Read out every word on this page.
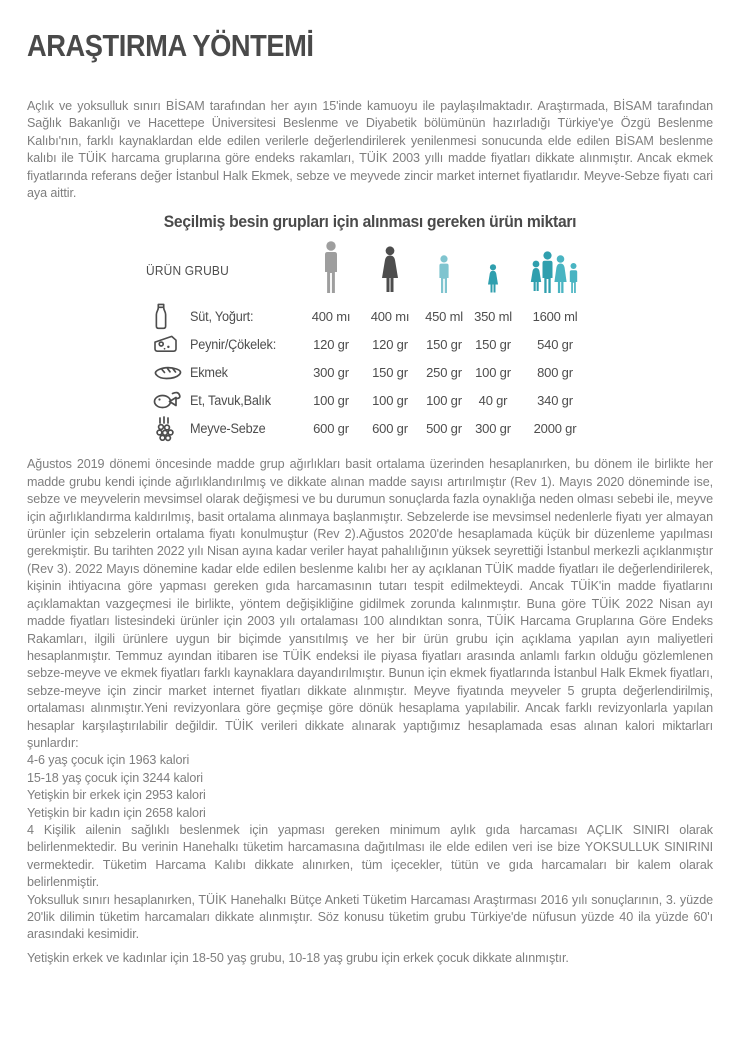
ARAŞTIRMA YÖNTEMİ

Açlık ve yoksulluk sınırı BİSAM tarafından her ayın 15'inde kamuoyu ile paylaşılmaktadır. Araştırmada, BİSAM tarafından Sağlık Bakanlığı ve Hacettepe Üniversitesi Beslenme ve Diyabetik bölümünün hazırladığı Türkiye'ye Özgü Beslenme Kalıbı'nın, farklı kaynaklardan elde edilen verilerle değerlendirilerek yenilenmesi sonucunda elde edilen BİSAM beslenme kalıbı ile TÜİK harcama gruplarına göre endeks rakamları, TÜİK 2003 yıllı madde fiyatları dikkate alınmıştır. Ancak ekmek fiyatlarında referans değer İstanbul Halk Ekmek, sebze ve meyvede zincir market internet fiyatlarıdır. Meyve-Sebze fiyatı cari aya aittir.

Seçilmiş besin grupları için alınması gereken ürün miktarı
ÜRÜN GRUBU
Süt, Yoğurt:	400 mı	400 mı	450 ml 350 ml	1600 ml
Peynir/Çökelek:	120 gr	120 gr	150 gr	150 gr	540 gr
Ekmek	300 gr	150 gr	250 gr	100 gr	800 gr
Et, Tavuk,Balık	100 gr	100 gr	100 gr	40 gr	340 gr
Meyve-Sebze	600 gr	600 gr	500 gr	300 gr	2000 gr

Ağustos 2019 dönemi öncesinde madde grup ağırlıkları basit ortalama üzerinden hesaplanırken, bu dönem ile birlikte her madde grubu kendi içinde ağırlıklandırılmış ve dikkate alınan madde sayısı artırılmıştır (Rev 1). Mayıs 2020 döneminde ise, sebze ve meyvelerin mevsimsel olarak değişmesi ve bu durumun sonuçlarda fazla oynaklığa neden olması sebebi ile, meyve için ağırlıklandırma kaldırılmış, basit ortalama alınmaya başlanmıştır. Sebzelerde ise mevsimsel nedenlerle fiyatı yer almayan ürünler için sebzelerin ortalama fiyatı konulmuştur (Rev 2).Ağustos 2020'de hesaplamada küçük bir düzenleme yapılması gerekmiştir. Bu tarihten 2022 yılı Nisan ayına kadar veriler hayat pahalılığının yüksek seyrettiği İstanbul merkezli açıklanmıştır (Rev 3). 2022 Mayıs dönemine kadar elde edilen beslenme kalıbı her ay açıklanan TÜİK madde fiyatları ile değerlendirilerek, kişinin ihtiyacına göre yapması gereken gıda harcamasının tutarı tespit edilmekteydi. Ancak TÜİK'in madde fiyatlarını açıklamaktan vazgeçmesi ile birlikte, yöntem değişikliğine gidilmek zorunda kalınmıştır. Buna göre TÜİK 2022 Nisan ayı madde fiyatları listesindeki ürünler için 2003 yılı ortalaması 100 alındıktan sonra, TÜİK Harcama Gruplarına Göre Endeks Rakamları, ilgili ürünlere uygun bir biçimde yansıtılmış ve her bir ürün grubu için açıklama yapılan ayın maliyetleri hesaplanmıştır. Temmuz ayından itibaren ise TÜİK endeksi ile piyasa fiyatları arasında anlamlı farkın olduğu gözlemlenen sebze-meyve ve ekmek fiyatları farklı kaynaklara dayandırılmıştır. Bunun için ekmek fiyatlarında İstanbul Halk Ekmek fiyatları, sebze-meyve için zincir market internet fiyatları dikkate alınmıştır. Meyve fiyatında meyveler 5 grupta değerlendirilmiş, ortalaması alınmıştır.Yeni revizyonlara göre geçmişe göre dönük hesaplama yapılabilir. Ancak farklı revizyonlarla yapılan hesaplar karşılaştırılabilir değildir. TÜİK verileri dikkate alınarak yaptığımız hesaplamada esas alınan kalori miktarları şunlardır:

4-6 yaş çocuk için 1963 kalori
15-18 yaş çocuk için 3244 kalori
Yetişkin bir erkek için 2953 kalori
Yetişkin bir kadın için 2658 kalori

4 Kişilik ailenin sağlıklı beslenmek için yapması gereken minimum aylık gıda harcaması AÇLIK SINIRI olarak belirlenmektedir. Bu verinin Hanehalkı tüketim harcamasına dağıtılması ile elde edilen veri ise bize YOKSULLUK SINIRINI vermektedir. Tüketim Harcama Kalıbı dikkate alınırken, tüm içecekler, tütün ve gıda harcamaları bir kalem olarak belirlenmiştir.

Yoksulluk sınırı hesaplanırken, TÜİK Hanehalkı Bütçe Anketi Tüketim Harcaması Araştırması 2016 yılı sonuçlarının, 3. yüzde 20'lik dilimin tüketim harcamaları dikkate alınmıştır. Söz konusu tüketim grubu Türkiye'de nüfusun yüzde 40 ila yüzde 60'ı arasındaki kesimidir.

Yetişkin erkek ve kadınlar için 18-50 yaş grubu, 10-18 yaş grubu için erkek çocuk dikkate alınmıştır.
